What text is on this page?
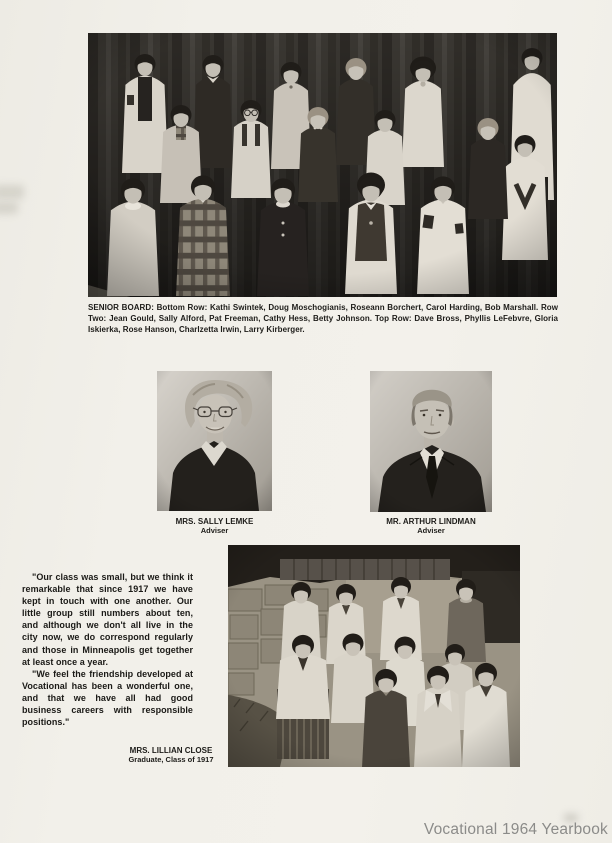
SENIOR BOARD: Bottom Row: Kathi Swintek, Doug Moschogianis, Roseann Borchert, Carol Harding, Bob Marshall. Row Two: Jean Gould, Sally Alford, Pat Freeman, Cathy Hess, Betty Johnson. Top Row: Dave Bross, Phyllis LeFebvre, Gloria Iskierka, Rose Hanson, Charlzetta Irwin, Larry Kirberger.

MRS. SALLY LEMKE
Adviser
MR. ARTHUR LINDMAN
Adviser

"Our class was small, but we think it remarkable that since 1917 we have kept in touch with one another. Our little group still numbers about ten, and although we don't all live in the city now, we do correspond regularly and those in Minneapolis get together at least once a year.

"We feel the friendship developed at Vocational has been a wonderful one, and that we have all had good business careers with responsible positions."

MRS. LILLIAN CLOSE
Graduate, Class of 1917
Vocational 1964 Yearbook
